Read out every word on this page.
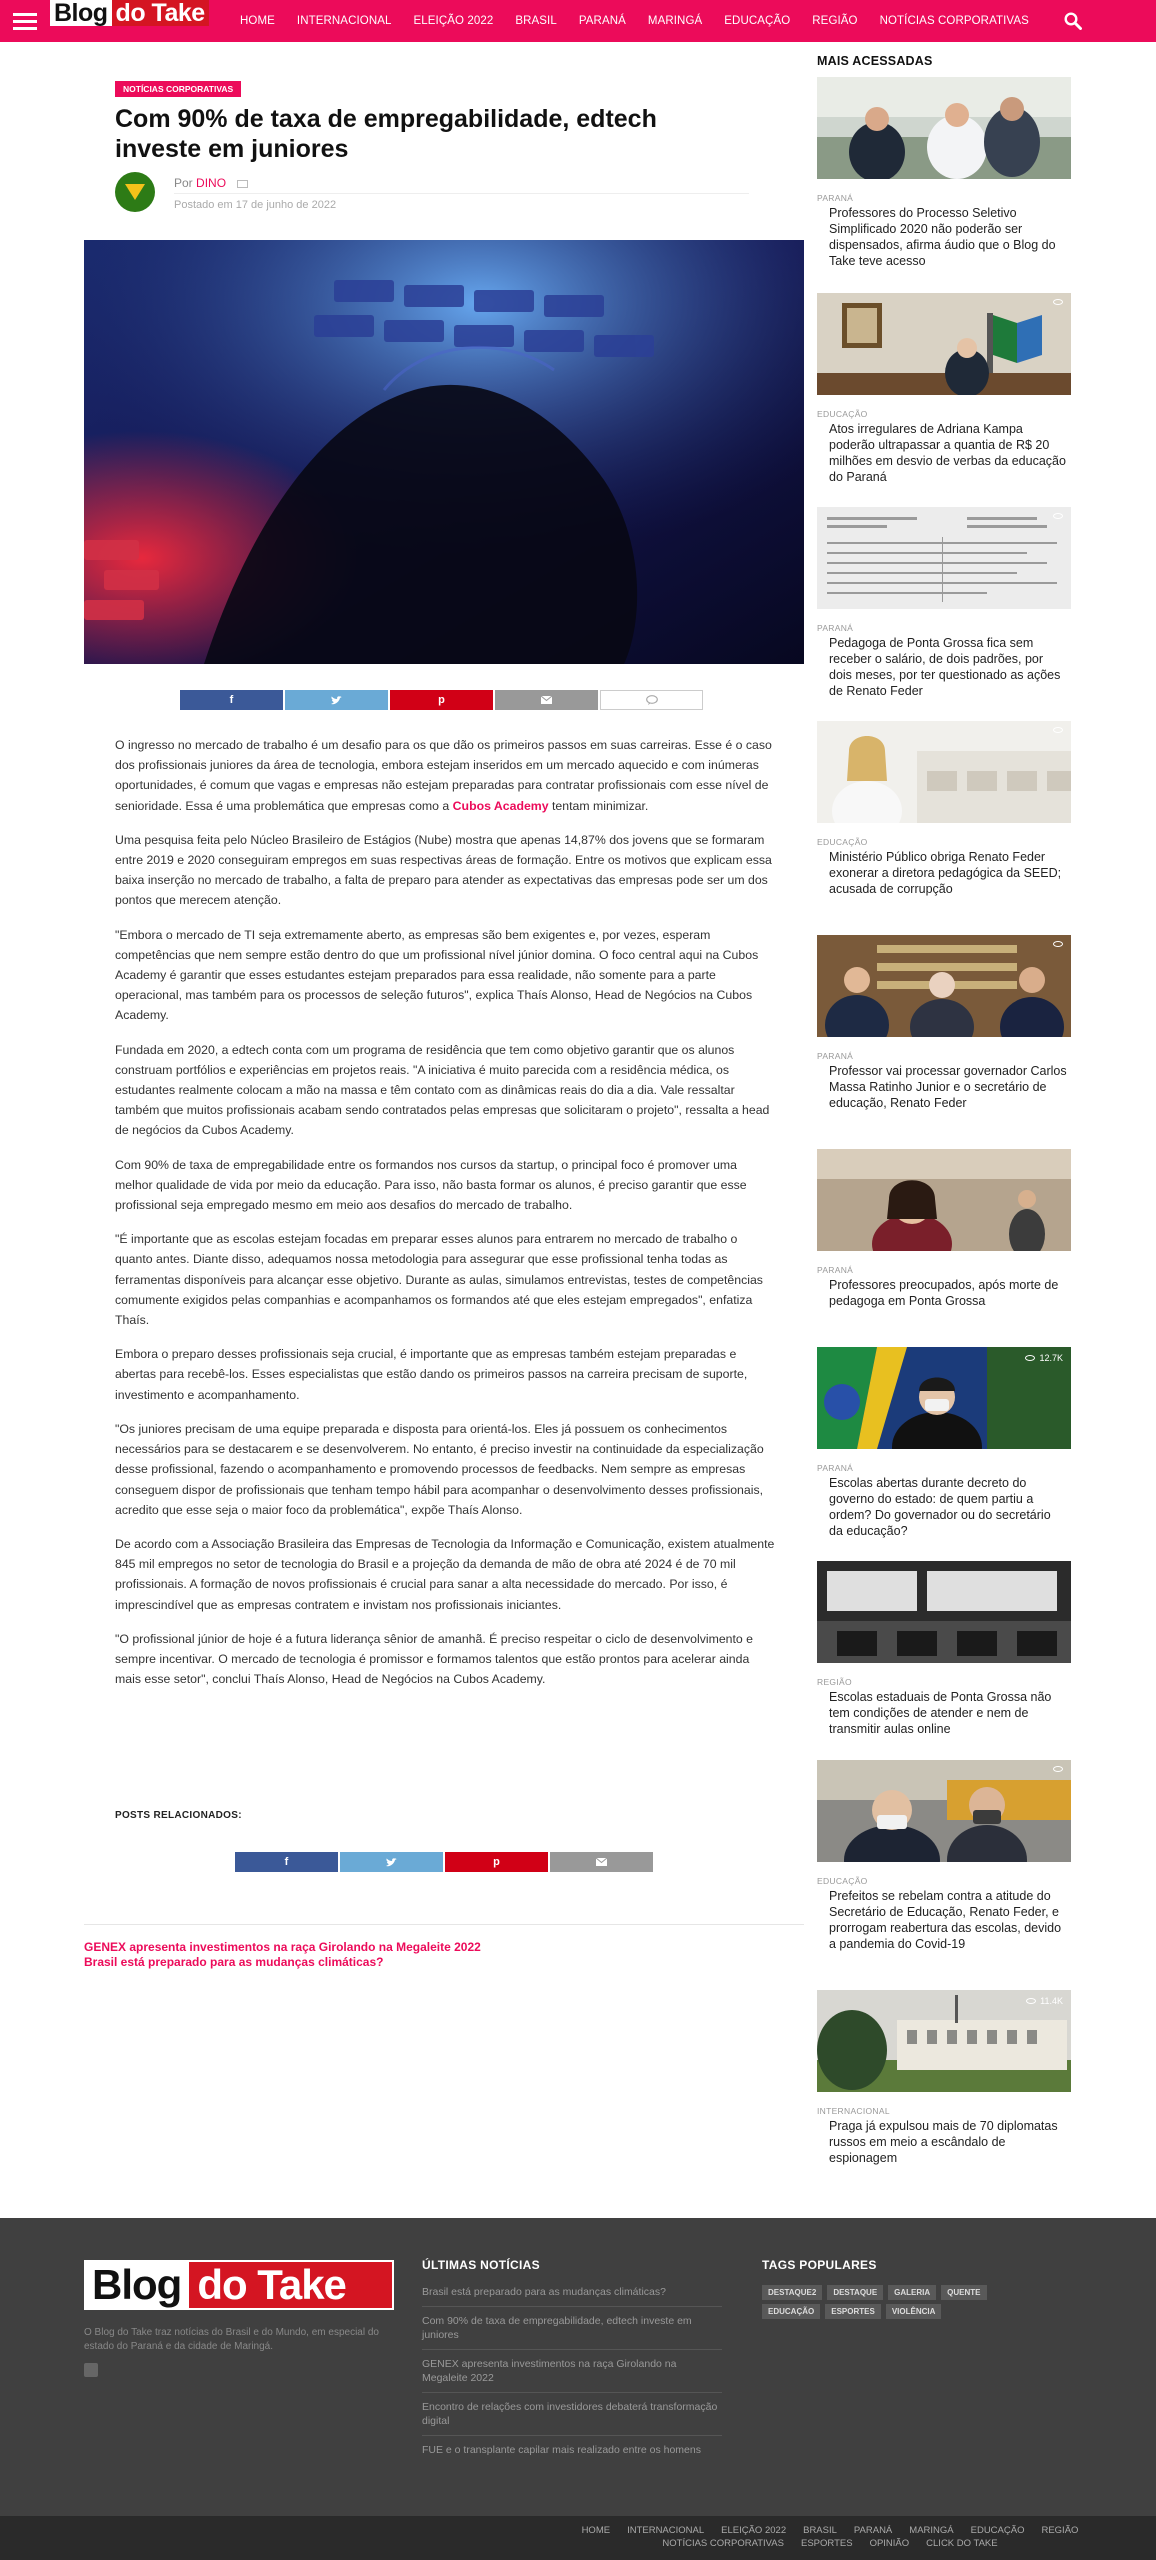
Blog do Take	HOME INTERNACIONAL ELEIÇÃO 2022 BRASIL PARANÁ MARINGÁ EDUCAÇÃO REGIÃO NOTÍCIAS CORPORATIVAS
NOTÍCIAS CORPORATIVAS
Com 90% de taxa de empregabilidade, edtech investe em juniores
Por DINO
Postado em 17 de junho de 2022
f	p

O ingresso no mercado de trabalho é um desafio para os que dão os primeiros passos em suas carreiras. Esse é o caso dos profissionais juniores da área de tecnologia, embora estejam inseridos em um mercado aquecido e com inúmeras oportunidades, é comum que vagas e empresas não estejam preparadas para contratar profissionais com esse nível de senioridade. Essa é uma problemática que empresas como a Cubos Academy tentam minimizar.

Uma pesquisa feita pelo Núcleo Brasileiro de Estágios (Nube) mostra que apenas 14,87% dos jovens que se formaram entre 2019 e 2020 conseguiram empregos em suas respectivas áreas de formação. Entre os motivos que explicam essa baixa inserção no mercado de trabalho, a falta de preparo para atender as expectativas das empresas pode ser um dos pontos que merecem atenção.

"Embora o mercado de TI seja extremamente aberto, as empresas são bem exigentes e, por vezes, esperam competências que nem sempre estão dentro do que um profissional nível júnior domina. O foco central aqui na Cubos Academy é garantir que esses estudantes estejam preparados para essa realidade, não somente para a parte operacional, mas também para os processos de seleção futuros", explica Thaís Alonso, Head de Negócios na Cubos Academy.

Fundada em 2020, a edtech conta com um programa de residência que tem como objetivo garantir que os alunos construam portfólios e experiências em projetos reais. "A iniciativa é muito parecida com a residência médica, os estudantes realmente colocam a mão na massa e têm contato com as dinâmicas reais do dia a dia. Vale ressaltar também que muitos profissionais acabam sendo contratados pelas empresas que solicitaram o projeto", ressalta a head de negócios da Cubos Academy.

Com 90% de taxa de empregabilidade entre os formandos nos cursos da startup, o principal foco é promover uma melhor qualidade de vida por meio da educação. Para isso, não basta formar os alunos, é preciso garantir que esse profissional seja empregado mesmo em meio aos desafios do mercado de trabalho.

"É importante que as escolas estejam focadas em preparar esses alunos para entrarem no mercado de trabalho o quanto antes. Diante disso, adequamos nossa metodologia para assegurar que esse profissional tenha todas as ferramentas disponíveis para alcançar esse objetivo. Durante as aulas, simulamos entrevistas, testes de competências comumente exigidos pelas companhias e acompanhamos os formandos até que eles estejam empregados", enfatiza Thaís.

Embora o preparo desses profissionais seja crucial, é importante que as empresas também estejam preparadas e abertas para recebê-los. Esses especialistas que estão dando os primeiros passos na carreira precisam de suporte, investimento e acompanhamento.

"Os juniores precisam de uma equipe preparada e disposta para orientá-los. Eles já possuem os conhecimentos necessários para se destacarem e se desenvolverem. No entanto, é preciso investir na continuidade da especialização desse profissional, fazendo o acompanhamento e promovendo processos de feedbacks. Nem sempre as empresas conseguem dispor de profissionais que tenham tempo hábil para acompanhar o desenvolvimento desses profissionais, acredito que esse seja o maior foco da problemática", expõe Thaís Alonso.

De acordo com a Associação Brasileira das Empresas de Tecnologia da Informação e Comunicação, existem atualmente 845 mil empregos no setor de tecnologia do Brasil e a projeção da demanda de mão de obra até 2024 é de 70 mil profissionais. A formação de novos profissionais é crucial para sanar a alta necessidade do mercado. Por isso, é imprescindível que as empresas contratem e invistam nos profissionais iniciantes.

"O profissional júnior de hoje é a futura liderança sênior de amanhã. É preciso respeitar o ciclo de desenvolvimento e sempre incentivar. O mercado de tecnologia é promissor e formamos talentos que estão prontos para acelerar ainda mais esse setor", conclui Thaís Alonso, Head de Negócios na Cubos Academy.

POSTS RELACIONADOS:
f	p
GENEX apresenta investimentos na raça Girolando na Megaleite 2022
Brasil está preparado para as mudanças climáticas?
MAIS ACESSADAS
PARANÁ
Professores do Processo Seletivo Simplificado 2020 não poderão ser dispensados, afirma áudio que o Blog do Take teve acesso
EDUCAÇÃO
Atos irregulares de Adriana Kampa poderão ultrapassar a quantia de R$ 20 milhões em desvio de verbas da educação do Paraná
PARANÁ
Pedagoga de Ponta Grossa fica sem receber o salário, de dois padrões, por dois meses, por ter questionado as ações de Renato Feder
EDUCAÇÃO
Ministério Público obriga Renato Feder exonerar a diretora pedagógica da SEED; acusada de corrupção
PARANÁ
Professor vai processar governador Carlos Massa Ratinho Junior e o secretário de educação, Renato Feder
PARANÁ
Professores preocupados, após morte de pedagoga em Ponta Grossa
12.7K
PARANÁ
Escolas abertas durante decreto do governo do estado: de quem partiu a ordem? Do governador ou do secretário da educação?
REGIÃO
Escolas estaduais de Ponta Grossa não tem condições de atender e nem de transmitir aulas online
EDUCAÇÃO
Prefeitos se rebelam contra a atitude do Secretário de Educação, Renato Feder, e prorrogam reabertura das escolas, devido a pandemia do Covid-19
11.4K
INTERNACIONAL
Praga já expulsou mais de 70 diplomatas russos em meio a escândalo de espionagem
Blog do Take
O Blog do Take traz notícias do Brasil e do Mundo, em especial do estado do Paraná e da cidade de Maringá.
ÚLTIMAS NOTÍCIAS
Brasil está preparado para as mudanças climáticas?
Com 90% de taxa de empregabilidade, edtech investe em juniores
GENEX apresenta investimentos na raça Girolando na Megaleite 2022
Encontro de relações com investidores debaterá transformação digital
FUE e o transplante capilar mais realizado entre os homens
TAGS POPULARES
DESTAQUE2	DESTAQUE	GALERIA	QUENTE
EDUCAÇÃO	ESPORTES	VIOLÊNCIA
HOME INTERNACIONAL ELEIÇÃO 2022 BRASIL PARANÁ MARINGÁ EDUCAÇÃO REGIÃO
NOTÍCIAS CORPORATIVAS ESPORTES OPINIÃO CLICK DO TAKE
